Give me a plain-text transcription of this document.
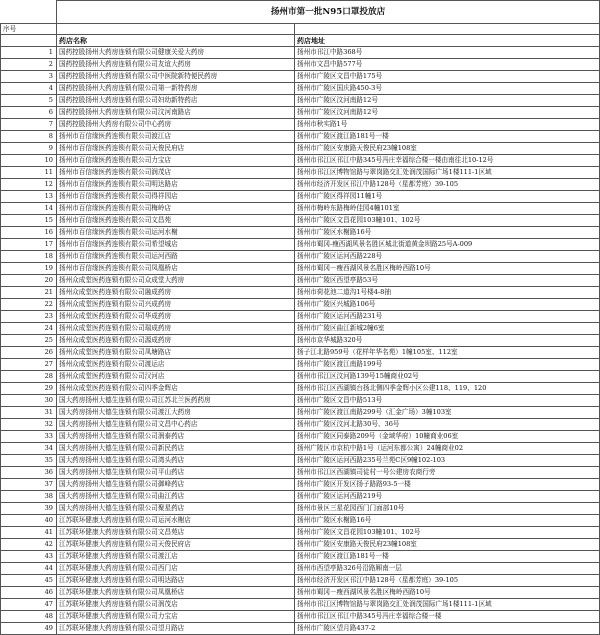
	扬州市第一批N95口罩投放店	
序号		
	药店名称	药店地址
1	国药控股扬州大药房连锁有限公司健康关爱大药房	扬州市邗江中路368号
2	国药控股扬州大药房连锁有限公司友谊大药房	扬州市文昌中路577号
3	国药控股扬州大药房连锁有限公司中医院新特便民药房	扬州市广陵区文昌中路175号
4	国药控股扬州大药房连锁有限公司第一新特药房	扬州市广陵区国庆路450-3号
5	国药控股扬州大药房连锁有限公司妇幼新特药店	扬州市广陵区汶河南路12号
6	国药控股扬州大药房连锁有限公司汶河南路店	扬州市广陵区汶河南路12号
7	国药控股扬州大药房有限公司中心药房	扬州市秋实路1号
8	扬州市百信缘医药连锁有限公司渡江店	扬州市广陵区渡江路181号一楼
9	扬州市百信缘医药连锁有限公司天俊民府店	扬州市广陵区安康路天俊民府23幢108室
10	扬州市百信缘医药连锁有限公司力宝店	扬州市邗江区邗江中路345号冯庄幸福综合楼一楼由南往北10-12号
11	扬州市百信缘医药连锁有限公司润茂店	扬州市邗江区博物馆路与翠岗路交汇处润茂国际广场1楼111-1区域
12	扬州市百信缘医药连锁有限公司明达路店	扬州市经济开发区邗江中路128号（星都芳庭）39-105
13	扬州市百信缘医药连锁有限公司得祥园店	扬州市广陵区得祥园11幢1号
14	扬州市百信缘医药连锁有限公司梅岭店	扬州市梅岭东路梅岭佳园4幢101室
15	扬州市百信缘医药连锁有限公司文昌苑	扬州市广陵区文昌花园103幢101、102号
16	扬州市百信缘医药连锁有限公司运河水榭	扬州市广陵区水榭路16号
17	扬州市百信缘医药连锁有限公司希望城店	扬州市蜀冈-瘦西湖风景名胜区城北街道黄金坝路25号A-009
18	扬州市百信缘医药连锁有限公司运河西路	扬州市广陵区运河西路228号
19	扬州市百信缘医药连锁有限公司凤凰桥店	扬州市蜀冈－瘦西湖风景名胜区梅岭西路10号
20	扬州众成堂医药连锁有限公司众成堂大药房	扬州市广陵区西望亭路53号
21	扬州众成堂医药连锁有限公司融成药房	扬州市荷花池二道沟1号楼4-8抽
22	扬州众成堂医药连锁有限公司兴成药房	扬州市广陵区兴城路106号
23	扬州众成堂医药连锁有限公司华成药房	扬州市广陵区运河西路231号
24	扬州众成堂医药连锁有限公司瑞成药房	扬州市广陵区曲江新城2幢6室
25	扬州众成堂医药连锁有限公司源成药房	扬州市京华城路320号
26	扬州众成堂医药连锁有限公司凤塘路店	扬子江北路959号（花样年华名苑）1幢105室、112室
27	扬州众成堂医药连锁有限公司渡运店	扬州市广陵区渡江南路199号
28	扬州众成堂医药连锁有限公司汉河店	扬州市邗江区汶河路139号15幢商业02号
29	扬州众成堂医药连锁有限公司四季金辉店	扬州市邗江区西湖镇台扬北侧四季金辉小区公建118、119、120
30	国大药房扬州大德生连锁有限公司江苏北兰医药药房	扬州市广陵区文昌中路513号
31	国大药房扬州大德生连锁有限公司渡江大药房	扬州市广陵区渡江南路299号（汇金广场）3幢103室
32	国大药房扬州大德生连锁有限公司文昌中心药店	扬州市广陵区汶河北路30号、36号
33	国大药房扬州大德生连锁有限公司润泰药店	扬州市广陵区同泰路209号（金域华府）10幢商业06室
34	国大药房扬州大德生连锁有限公司新民药店	扬州广陵区市京杭中路1号（运河东都公寓）24幢商业02
35	国大药房扬州大德生连锁有限公司湾头药店	扬州市广陵区运河西路235号兰苑C区9幢102-103
36	国大药房扬州大德生连锁有限公司平山药店	扬州市邗江区西湖镇司徒村一号公建房农商行旁
37	国大药房扬州大德生连锁有限公司御峰药店	扬州市广陵区开发区扬子路路93-5一楼
38	国大药房扬州大德生连锁有限公司曲江药店	扬州市广陵区运河西路219号
39	国大药房扬州大德生连锁有限公司聚星药店	扬州市景区三星花园西门门面部10号
40	江苏联环健康大药房连锁有限公司运河水榭店	扬州市广陵区水榭路16号
41	江苏联环健康大药房连锁有限公司文昌苑店	扬州市广陵区文昌花园103幢101、102号
42	江苏联环健康大药房连锁有限公司天俊民府店	扬州市广陵区安康路天俊民府23幢108室
43	江苏联环健康大药房连锁有限公司渡江店	扬州市广陵区渡江路181号一楼
44	江苏联环健康大药房连锁有限公司西门店	扬州市西望亭路326号沿路厢南一层
45	江苏联环健康大药房连锁有限公司明达路店	扬州市经济开发区邗江中路128号（星都芳庭）39-105
46	江苏联环健康大药房连锁有限公司凤凰桥店	扬州市蜀冈－瘦西湖风景名胜区梅岭西路10号
47	江苏联环健康大药房连锁有限公司润茂店	扬州市邗江区博物馆路与翠岗路交汇处润茂国际广场1楼111-1区域
48	江苏联环健康大药房连锁有限公司力宝店	扬州市邗江区邗江中路345号冯庄幸福综合楼一楼
49	江苏联环健康大药房连锁有限公司望月路店	扬州市广陵区望月路437-2
